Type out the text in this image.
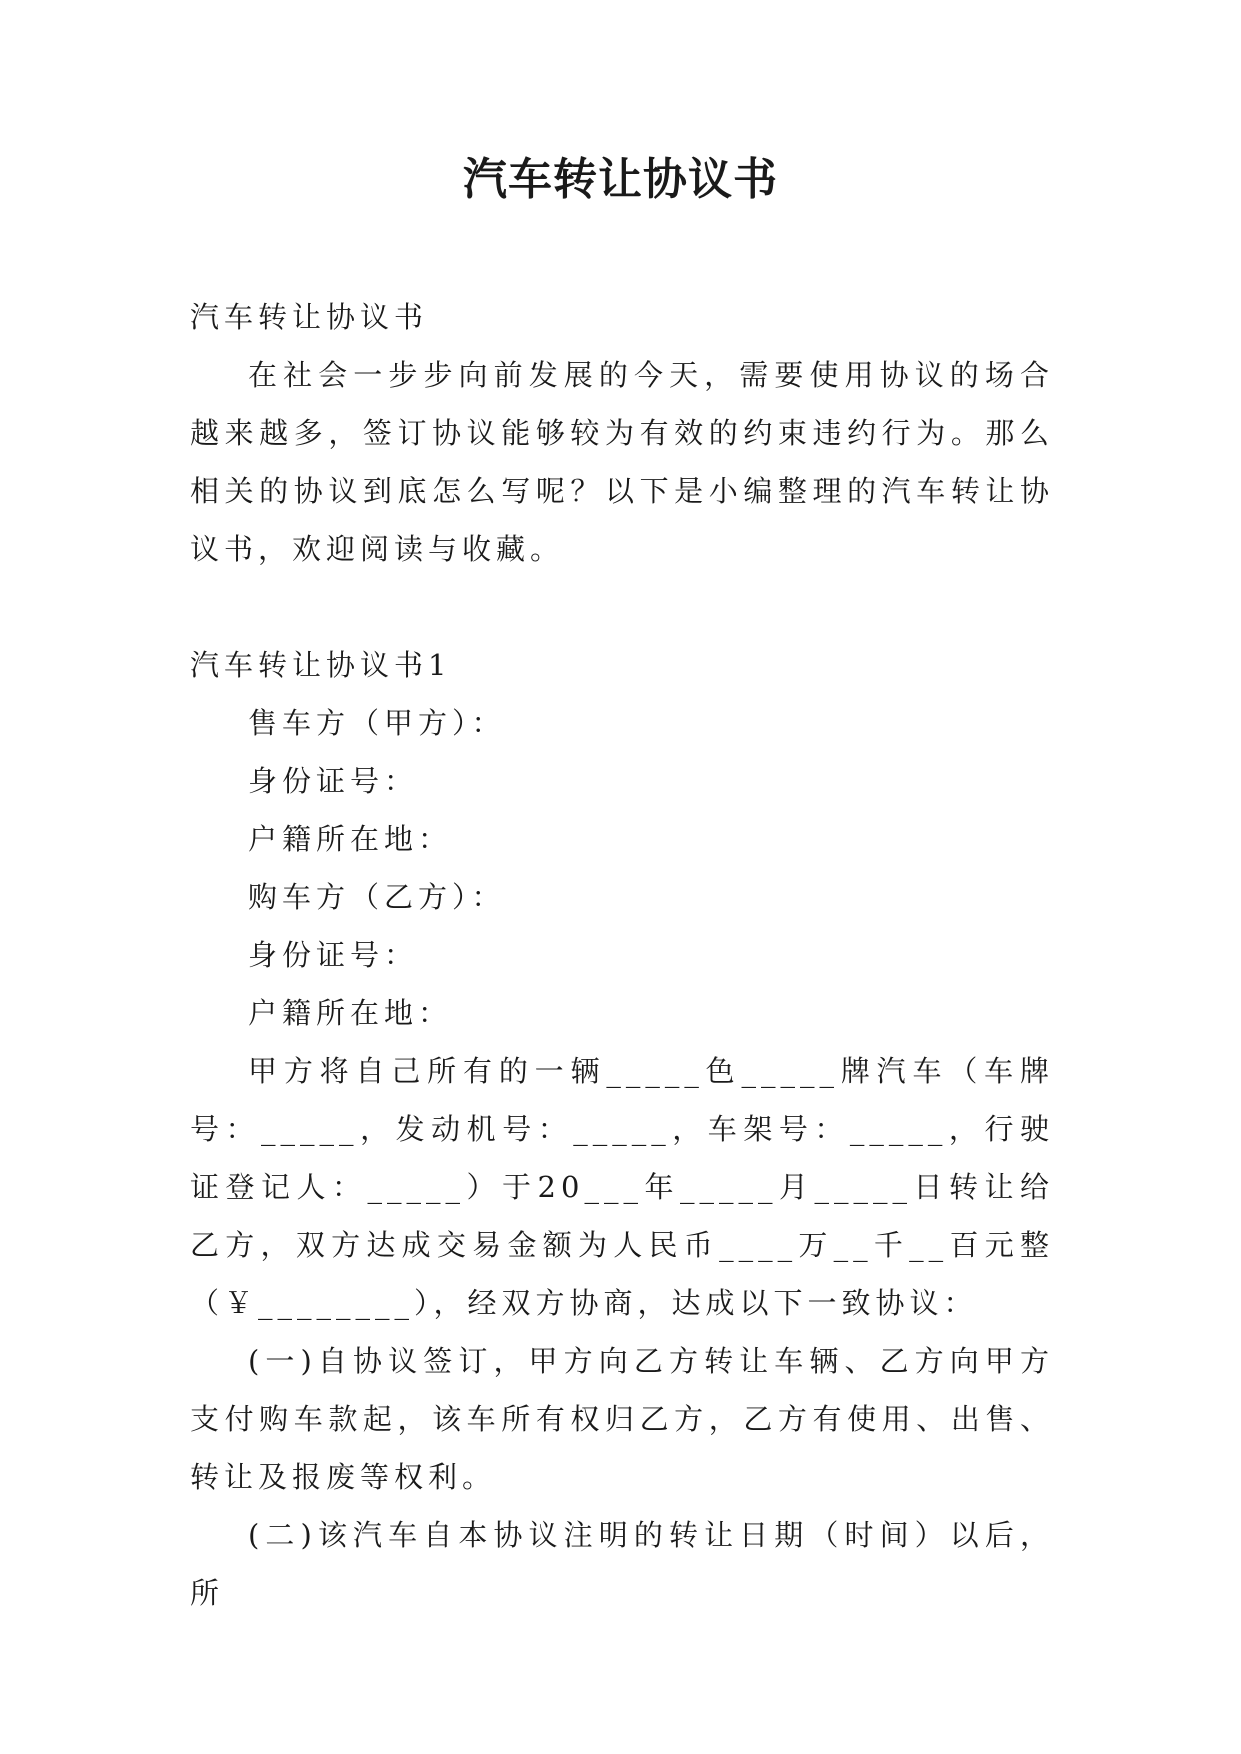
汽车转让协议书

汽车转让协议书

在社会一步步向前发展的今天，需要使用协议的场合越来越多，签订协议能够较为有效的约束违约行为。那么相关的协议到底怎么写呢？以下是小编整理的汽车转让协议书，欢迎阅读与收藏。

汽车转让协议书1

售车方（甲方）：

身份证号：

户籍所在地：

购车方（乙方）：

身份证号：

户籍所在地：

甲方将自己所有的一辆_____色_____牌汽车（车牌号：_____，发动机号：_____，车架号：_____，行驶证登记人：_____）于20___年_____月_____日转让给乙方，双方达成交易金额为人民币____万__千__百元整（￥________），经双方协商，达成以下一致协议：

(一)自协议签订，甲方向乙方转让车辆、乙方向甲方支付购车款起，该车所有权归乙方，乙方有使用、出售、转让及报废等权利。

(二)该汽车自本协议注明的转让日期（时间）以后，所
